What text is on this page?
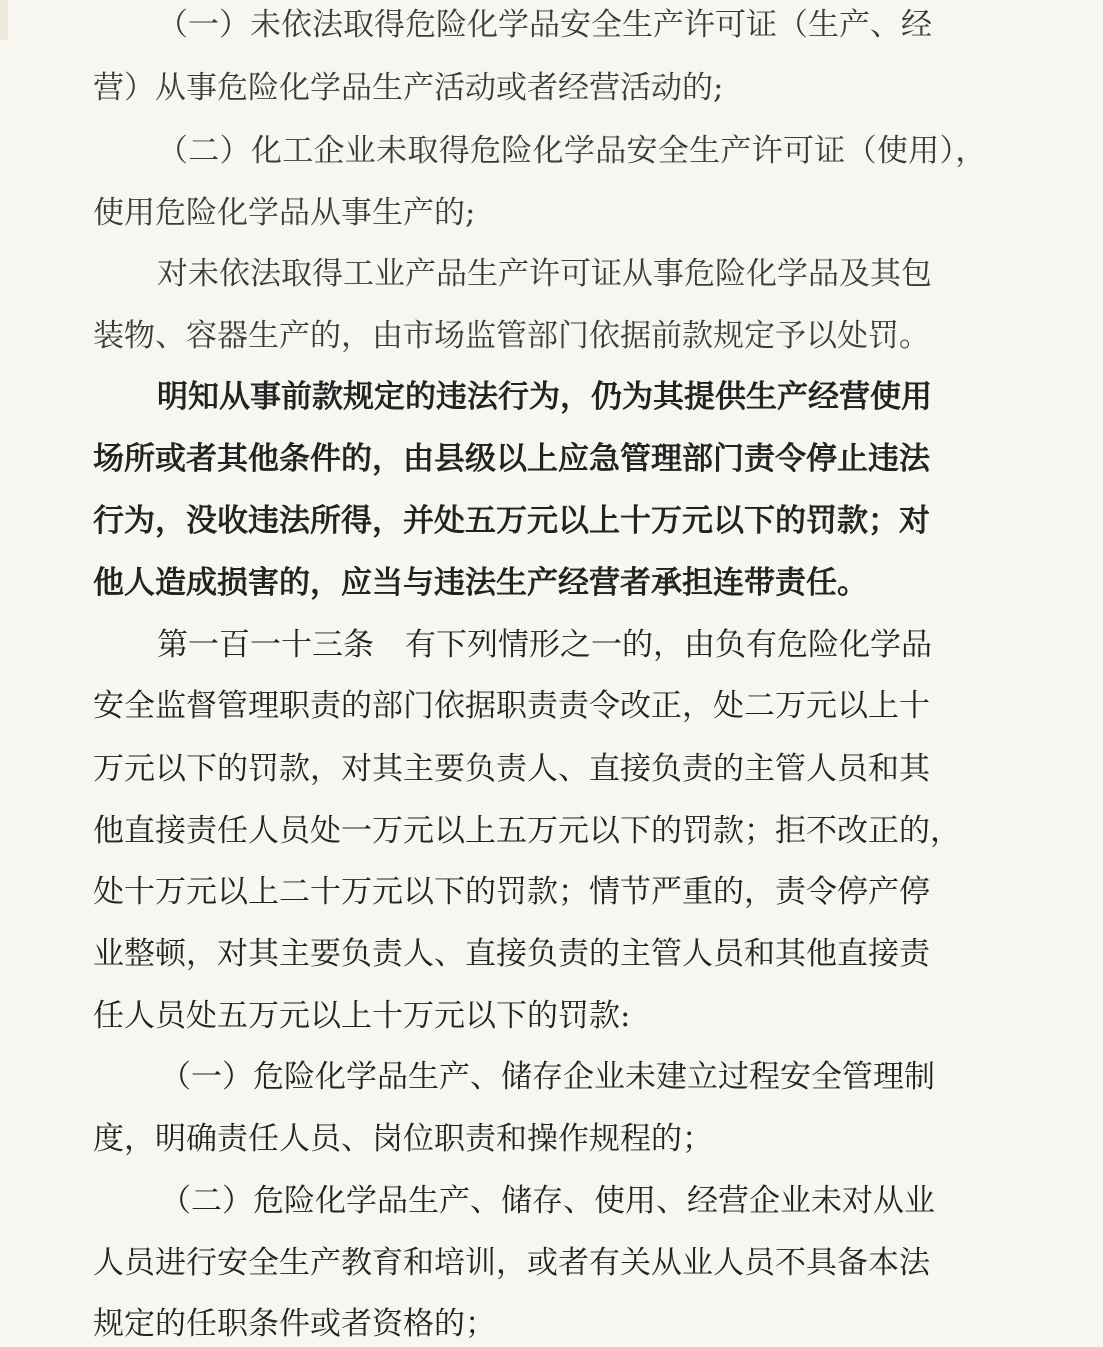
（一）未依法取得危险化学品安全生产许可证（生产、经
营）从事危险化学品生产活动或者经营活动的;
（二）化工企业未取得危险化学品安全生产许可证（使用），
使用危险化学品从事生产的;
对未依法取得工业产品生产许可证从事危险化学品及其包
装物、容器生产的，由市场监管部门依据前款规定予以处罚。
明知从事前款规定的违法行为，仍为其提供生产经营使用
场所或者其他条件的，由县级以上应急管理部门责令停止违法
行为，没收违法所得，并处五万元以上十万元以下的罚款；对
他人造成损害的，应当与违法生产经营者承担连带责任。
第一百一十三条　有下列情形之一的，由负有危险化学品
安全监督管理职责的部门依据职责责令改正，处二万元以上十
万元以下的罚款，对其主要负责人、直接负责的主管人员和其
他直接责任人员处一万元以上五万元以下的罚款；拒不改正的，
处十万元以上二十万元以下的罚款；情节严重的，责令停产停
业整顿，对其主要负责人、直接负责的主管人员和其他直接责
任人员处五万元以上十万元以下的罚款:
（一）危险化学品生产、储存企业未建立过程安全管理制
度，明确责任人员、岗位职责和操作规程的；
（二）危险化学品生产、储存、使用、经营企业未对从业
人员进行安全生产教育和培训，或者有关从业人员不具备本法
规定的任职条件或者资格的；
